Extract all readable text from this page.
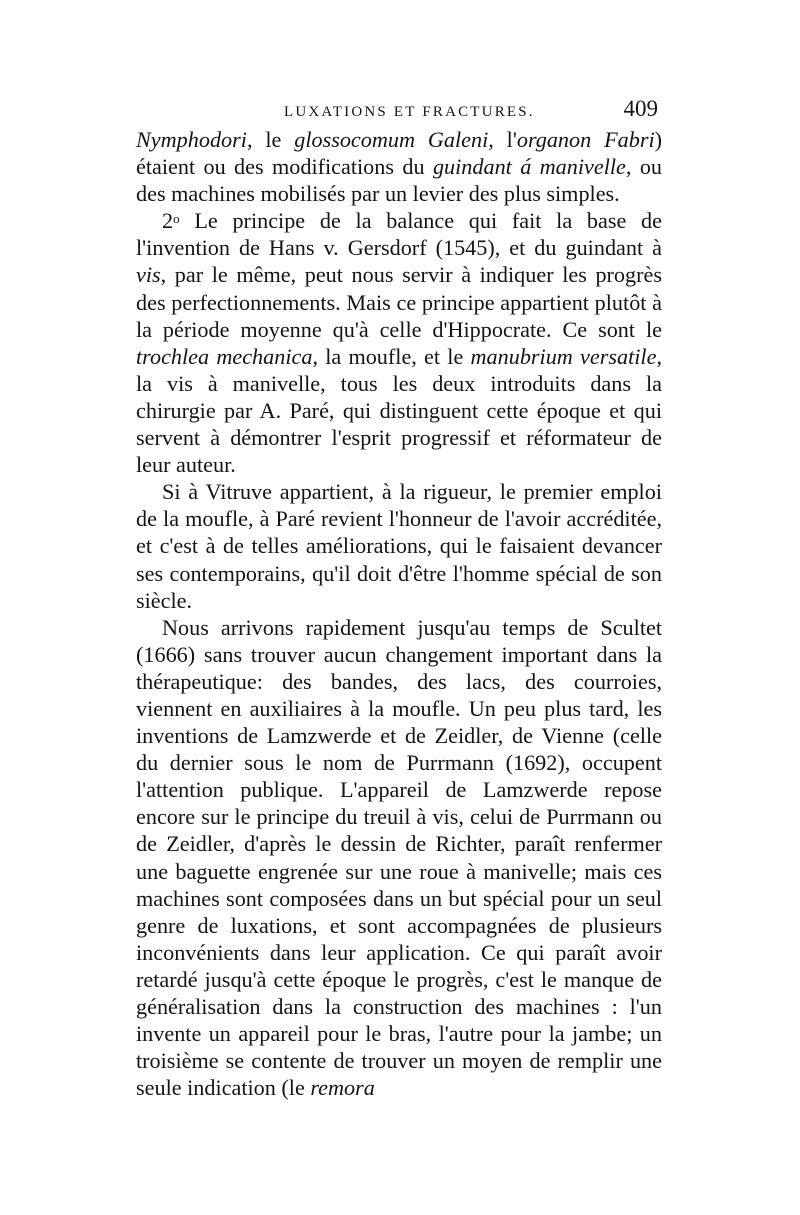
LUXATIONS ET FRACTURES.	409

Nymphodori, le glossocomum Galeni, l'organon Fabri) étaient ou des modifications du guindant á manivelle, ou des machines mobilisés par un levier des plus simples.

2$^o$ Le principe de la balance qui fait la base de l'invention de Hans v. Gersdorf (1545), et du guindant à vis, par le même, peut nous servir à indiquer les progrès des perfectionnements. Mais ce principe appartient plutôt à la période moyenne qu'à celle d'Hippocrate. Ce sont le trochlea mechanica, la moufle, et le manubrium versatile, la vis à manivelle, tous les deux introduits dans la chirurgie par A. Paré, qui distinguent cette époque et qui servent à démontrer l'esprit progressif et réformateur de leur auteur.

Si à Vitruve appartient, à la rigueur, le premier emploi de la moufle, à Paré revient l'honneur de l'avoir accréditée, et c'est à de telles améliorations, qui le faisaient devancer ses contemporains, qu'il doit d'être l'homme spécial de son siècle.

Nous arrivons rapidement jusqu'au temps de Scultet (1666) sans trouver aucun changement important dans la thérapeutique: des bandes, des lacs, des courroies, viennent en auxiliaires à la moufle. Un peu plus tard, les inventions de Lamzwerde et de Zeidler, de Vienne (celle du dernier sous le nom de Purrmann (1692), occupent l'attention publique. L'appareil de Lamzwerde repose encore sur le principe du treuil à vis, celui de Purrmann ou de Zeidler, d'après le dessin de Richter, paraît renfermer une baguette engrenée sur une roue à manivelle; mais ces machines sont composées dans un but spécial pour un seul genre de luxations, et sont accompagnées de plusieurs inconvénients dans leur application. Ce qui paraît avoir retardé jusqu'à cette époque le progrès, c'est le manque de généralisation dans la construction des machines : l'un invente un appareil pour le bras, l'autre pour la jambe; un troisième se contente de trouver un moyen de remplir une seule indication (le remora
